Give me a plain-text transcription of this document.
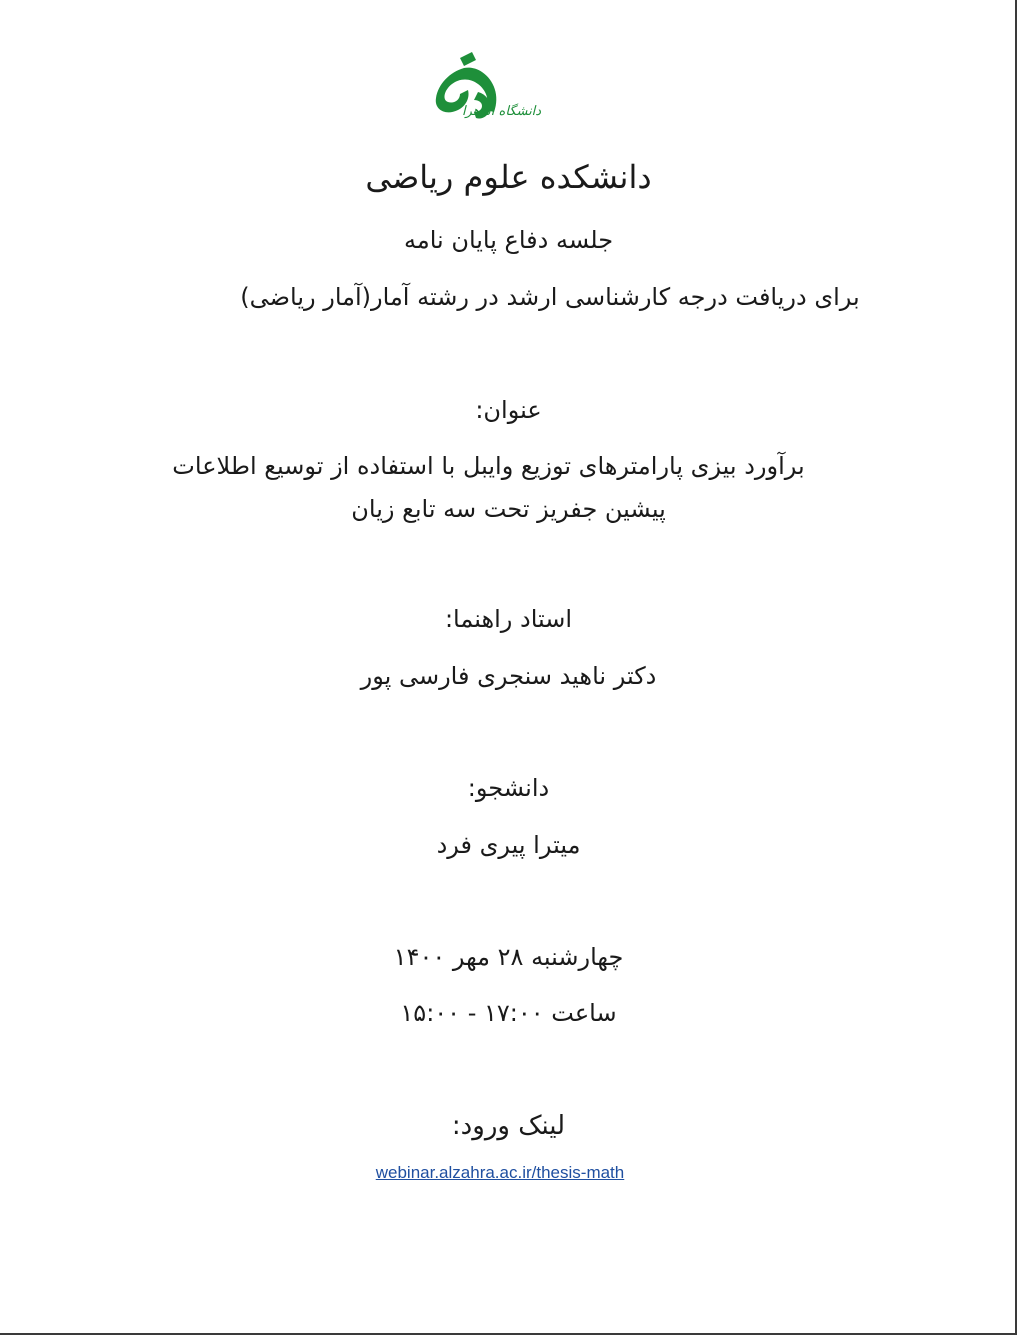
دانشگاه الزهرا
دانشکده علوم ریاضی
جلسه دفاع پایان نامه
برای دریافت درجه کارشناسی ارشد در رشته آمار(آمار ریاضی)
عنوان:
برآورد بیزی پارامترهای توزیع وایبل با استفاده از توسیع اطلاعات
پیشین جفریز تحت سه تابع زیان
استاد راهنما:
دکتر ناهید سنجری فارسی پور
دانشجو:
میترا پیری فرد
چهارشنبه ۲۸ مهر ۱۴۰۰
ساعت ۱۷:۰۰ - ۱۵:۰۰
لینک ورود:
webinar.alzahra.ac.ir/thesis-math
